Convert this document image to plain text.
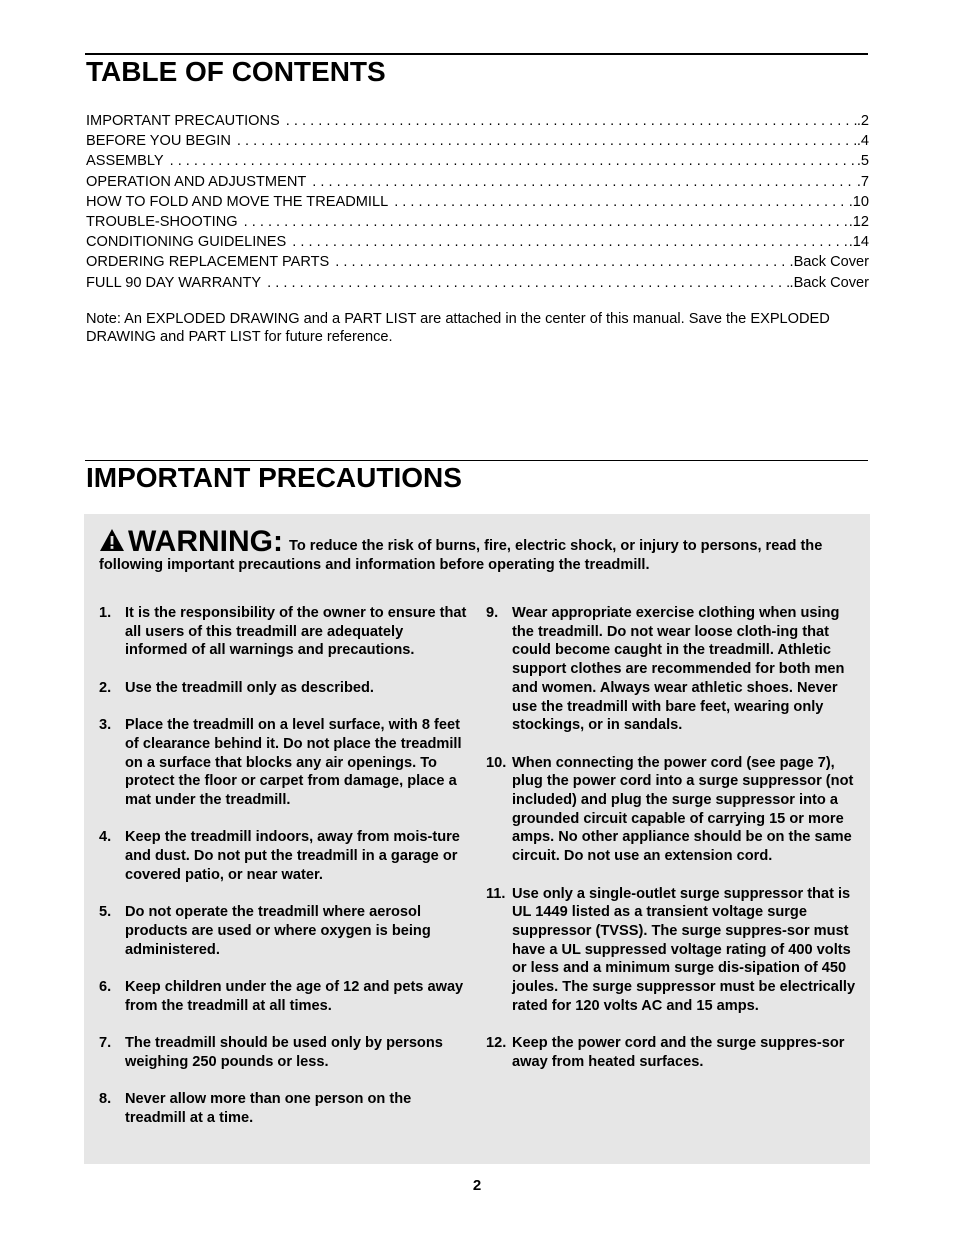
TABLE OF CONTENTS
IMPORTANT PRECAUTIONS . . .	.2
BEFORE YOU BEGIN . . .	.4
ASSEMBLY . . .	.5
OPERATION AND ADJUSTMENT . . .	.7
HOW TO FOLD AND MOVE THE TREADMILL . . .	.10
TROUBLE-SHOOTING . . .	.12
CONDITIONING GUIDELINES . . .	.14
ORDERING REPLACEMENT PARTS . . .	.Back Cover
FULL 90 DAY WARRANTY . . .	.Back Cover

Note: An EXPLODED DRAWING and a PART LIST are attached in the center of this manual. Save the EXPLODED DRAWING and PART LIST for future reference.

IMPORTANT PRECAUTIONS

WARNING: To reduce the risk of burns, fire, electric shock, or injury to persons, read the following important precautions and information before operating the treadmill.

1. It is the responsibility of the owner to ensure that all users of this treadmill are adequately informed of all warnings and precautions.
2. Use the treadmill only as described.
3. Place the treadmill on a level surface, with 8 feet of clearance behind it. Do not place the treadmill on a surface that blocks any air openings. To protect the floor or carpet from damage, place a mat under the treadmill.
4. Keep the treadmill indoors, away from mois-ture and dust. Do not put the treadmill in a garage or covered patio, or near water.
5. Do not operate the treadmill where aerosol products are used or where oxygen is being administered.
6. Keep children under the age of 12 and pets away from the treadmill at all times.
7. The treadmill should be used only by persons weighing 250 pounds or less.
8. Never allow more than one person on the treadmill at a time.
9. Wear appropriate exercise clothing when using the treadmill. Do not wear loose cloth-ing that could become caught in the treadmill. Athletic support clothes are recommended for both men and women. Always wear athletic shoes. Never use the treadmill with bare feet, wearing only stockings, or in sandals.
10. When connecting the power cord (see page 7), plug the power cord into a surge suppressor (not included) and plug the surge suppressor into a grounded circuit capable of carrying 15 or more amps. No other appliance should be on the same circuit. Do not use an extension cord.
11. Use only a single-outlet surge suppressor that is UL 1449 listed as a transient voltage surge suppressor (TVSS). The surge suppres-sor must have a UL suppressed voltage rating of 400 volts or less and a minimum surge dis-sipation of 450 joules. The surge suppressor must be electrically rated for 120 volts AC and 15 amps.
12. Keep the power cord and the surge suppres-sor away from heated surfaces.
2
